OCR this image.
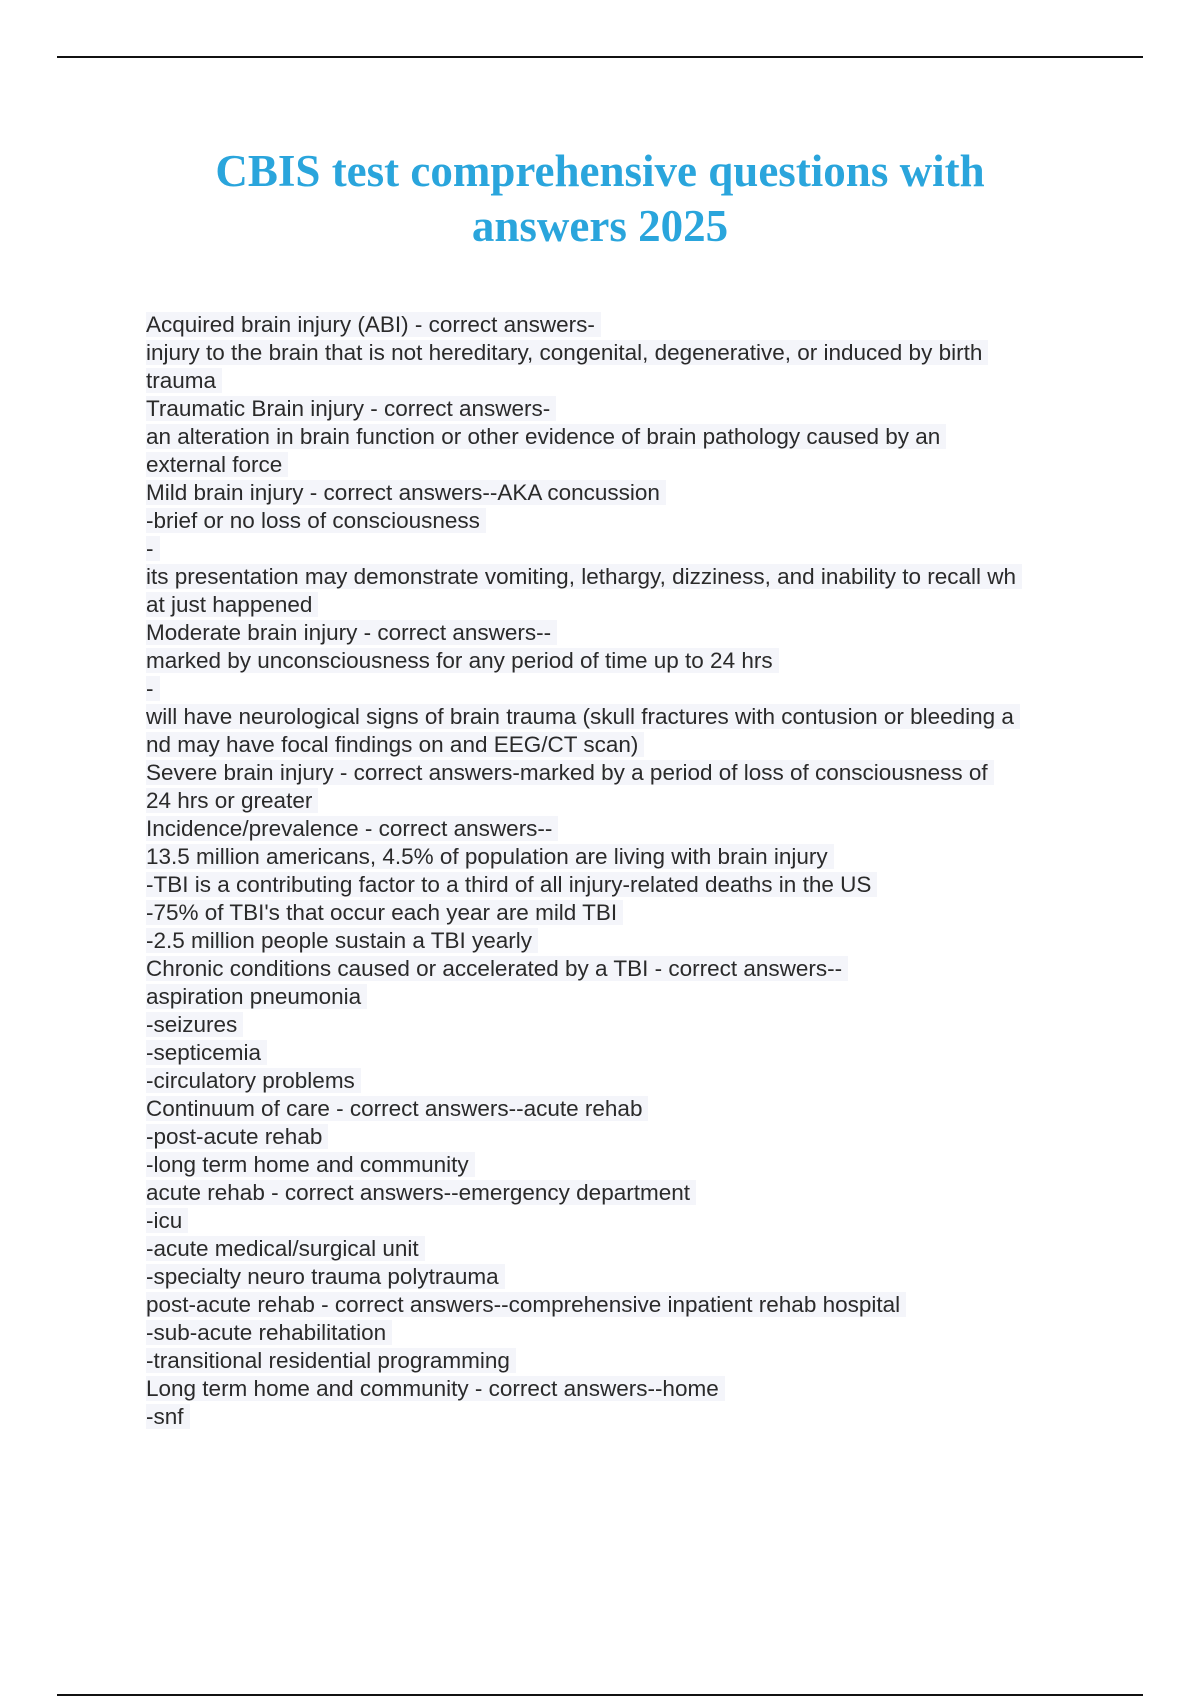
CBIS test comprehensive questions with
answers 2025
Acquired brain injury (ABI) - correct answers-
injury to the brain that is not hereditary, congenital, degenerative, or induced by birth
trauma
Traumatic Brain injury - correct answers-
an alteration in brain function or other evidence of brain pathology caused by an
external force
Mild brain injury - correct answers--AKA concussion
-brief or no loss of consciousness
-
its presentation may demonstrate vomiting, lethargy, dizziness, and inability to recall wh
at just happened
Moderate brain injury - correct answers--
marked by unconsciousness for any period of time up to 24 hrs
-
will have neurological signs of brain trauma (skull fractures with contusion or bleeding a
nd may have focal findings on and EEG/CT scan)
Severe brain injury - correct answers-marked by a period of loss of consciousness of
24 hrs or greater
Incidence/prevalence - correct answers--
13.5 million americans, 4.5% of population are living with brain injury
-TBI is a contributing factor to a third of all injury-related deaths in the US
-75% of TBI's that occur each year are mild TBI
-2.5 million people sustain a TBI yearly
Chronic conditions caused or accelerated by a TBI - correct answers--
aspiration pneumonia
-seizures
-septicemia
-circulatory problems
Continuum of care - correct answers--acute rehab
-post-acute rehab
-long term home and community
acute rehab - correct answers--emergency department
-icu
-acute medical/surgical unit
-specialty neuro trauma polytrauma
post-acute rehab - correct answers--comprehensive inpatient rehab hospital
-sub-acute rehabilitation
-transitional residential programming
Long term home and community - correct answers--home
-snf
